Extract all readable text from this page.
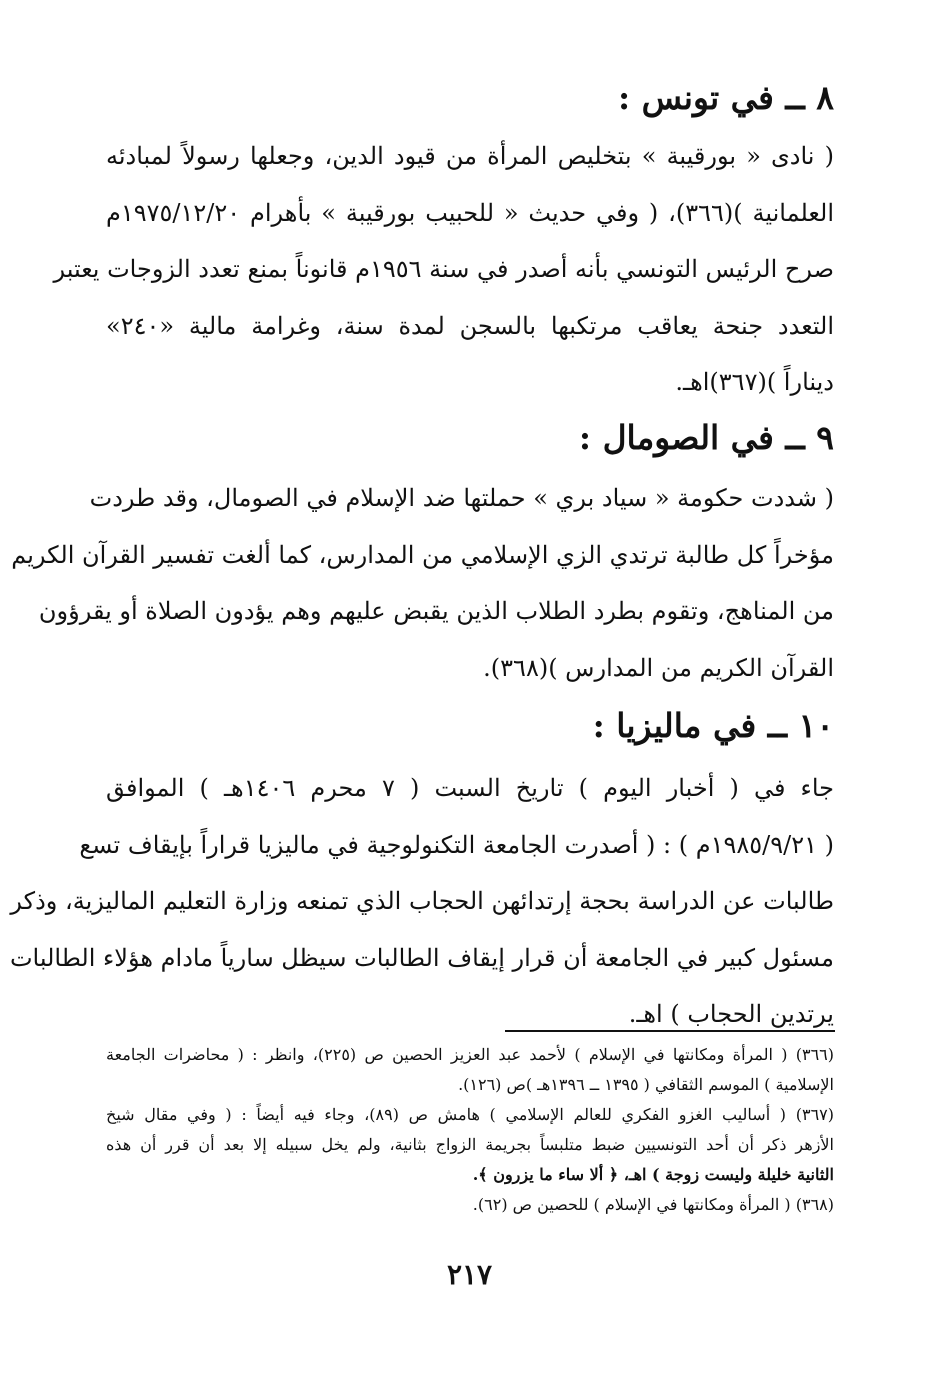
٨ ــ في تونس :
( نادى « بورقيبة » بتخليص المرأة من قيود الدين، وجعلها رسولاً لمبادئه
العلمانية )(٣٦٦)، ( وفي حديث « للحبيب بورقيبة » بأهرام ١٩٧٥/١٢/٢٠م
صرح الرئيس التونسي بأنه أصدر في سنة ١٩٥٦م قانوناً بمنع تعدد الزوجات يعتبر
التعدد جنحة يعاقب مرتكبها بالسجن لمدة سنة، وغرامة مالية «٢٤٠»
ديناراً )(٣٦٧)اهـ.
٩ ــ في الصومال :
( شددت حكومة « سياد بري » حملتها ضد الإسلام في الصومال، وقد طردت
مؤخراً كل طالبة ترتدي الزي الإسلامي من المدارس، كما ألغت تفسير القرآن الكريم
من المناهج، وتقوم بطرد الطلاب الذين يقبض عليهم وهم يؤدون الصلاة أو يقرؤون
القرآن الكريم من المدارس )(٣٦٨).
١٠ ــ في ماليزيا :
جاء في ( أخبار اليوم ) تاريخ السبت ( ٧ محرم ١٤٠٦هـ ) الموافق
( ١٩٨٥/٩/٢١م ) : ( أصدرت الجامعة التكنولوجية في ماليزيا قراراً بإيقاف تسع
طالبات عن الدراسة بحجة إرتدائهن الحجاب الذي تمنعه وزارة التعليم الماليزية، وذكر
مسئول كبير في الجامعة أن قرار إيقاف الطالبات سيظل سارياً مادام هؤلاء الطالبات
يرتدين الحجاب ) اهـ.
(٣٦٦) ( المرأة ومكانتها في الإسلام ) لأحمد عبد العزيز الحصين ص (٢٢٥)، وانظر : ( محاضرات الجامعة
الإسلامية ) الموسم الثقافي ( ١٣٩٥ ــ ١٣٩٦هـ )ص (١٢٦).
(٣٦٧) ( أساليب الغزو الفكري للعالم الإسلامي ) هامش ص (٨٩)، وجاء فيه أيضاً : ( وفي مقال شيخ
الأزهر ذكر أن أحد التونسيين ضبط متلبساً بجريمة الزواج بثانية، ولم يخل سبيله إلا بعد أن قرر أن هذه
الثانية خليلة وليست زوجة ) اهـ، ﴿ ألا ساء ما يزرون ﴾.
(٣٦٨) ( المرأة ومكانتها في الإسلام ) للحصين ص (٦٢).
٢١٧
